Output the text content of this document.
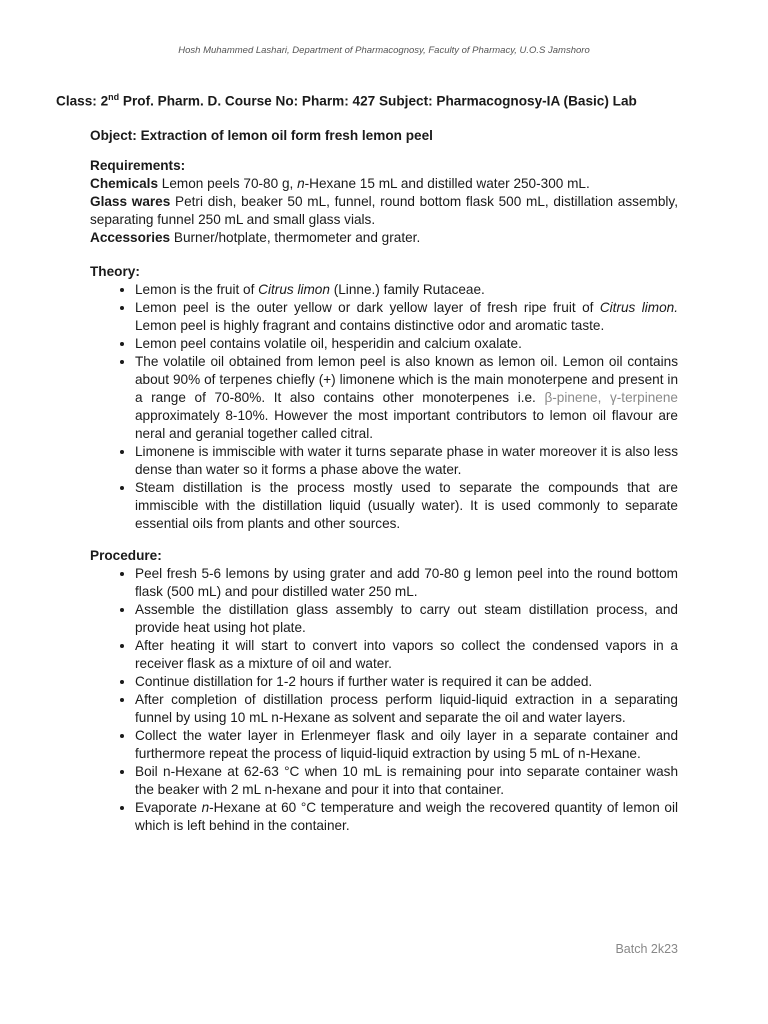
Hosh Muhammed Lashari, Department of Pharmacognosy, Faculty of Pharmacy, U.O.S Jamshoro
Class: 2nd Prof. Pharm. D. Course No: Pharm: 427 Subject: Pharmacognosy-IA (Basic) Lab

Object: Extraction of lemon oil form fresh lemon peel

Requirements:

Chemicals Lemon peels 70-80 g, n-Hexane 15 mL and distilled water 250-300 mL.

Glass wares Petri dish, beaker 50 mL, funnel, round bottom flask 500 mL, distillation assembly, separating funnel 250 mL and small glass vials.

Accessories Burner/hotplate, thermometer and grater.

Theory:

• Lemon is the fruit of Citrus limon (Linne.) family Rutaceae.
• Lemon peel is the outer yellow or dark yellow layer of fresh ripe fruit of Citrus limon. Lemon peel is highly fragrant and contains distinctive odor and aromatic taste.
• Lemon peel contains volatile oil, hesperidin and calcium oxalate.
• The volatile oil obtained from lemon peel is also known as lemon oil. Lemon oil contains about 90% of terpenes chiefly (+) limonene which is the main monoterpene and present in a range of 70-80%. It also contains other monoterpenes i.e. β-pinene, γ-terpinene approximately 8-10%. However the most important contributors to lemon oil flavour are neral and geranial together called citral.
• Limonene is immiscible with water it turns separate phase in water moreover it is also less dense than water so it forms a phase above the water.
• Steam distillation is the process mostly used to separate the compounds that are immiscible with the distillation liquid (usually water). It is used commonly to separate essential oils from plants and other sources.

Procedure:

• Peel fresh 5-6 lemons by using grater and add 70-80 g lemon peel into the round bottom flask (500 mL) and pour distilled water 250 mL.
• Assemble the distillation glass assembly to carry out steam distillation process, and provide heat using hot plate.
• After heating it will start to convert into vapors so collect the condensed vapors in a receiver flask as a mixture of oil and water.
• Continue distillation for 1-2 hours if further water is required it can be added.
• After completion of distillation process perform liquid-liquid extraction in a separating funnel by using 10 mL n-Hexane as solvent and separate the oil and water layers.
• Collect the water layer in Erlenmeyer flask and oily layer in a separate container and furthermore repeat the process of liquid-liquid extraction by using 5 mL of n-Hexane.
• Boil n-Hexane at 62-63 °C when 10 mL is remaining pour into separate container wash the beaker with 2 mL n-hexane and pour it into that container.
• Evaporate n-Hexane at 60 °C temperature and weigh the recovered quantity of lemon oil which is left behind in the container.
Batch 2k23
